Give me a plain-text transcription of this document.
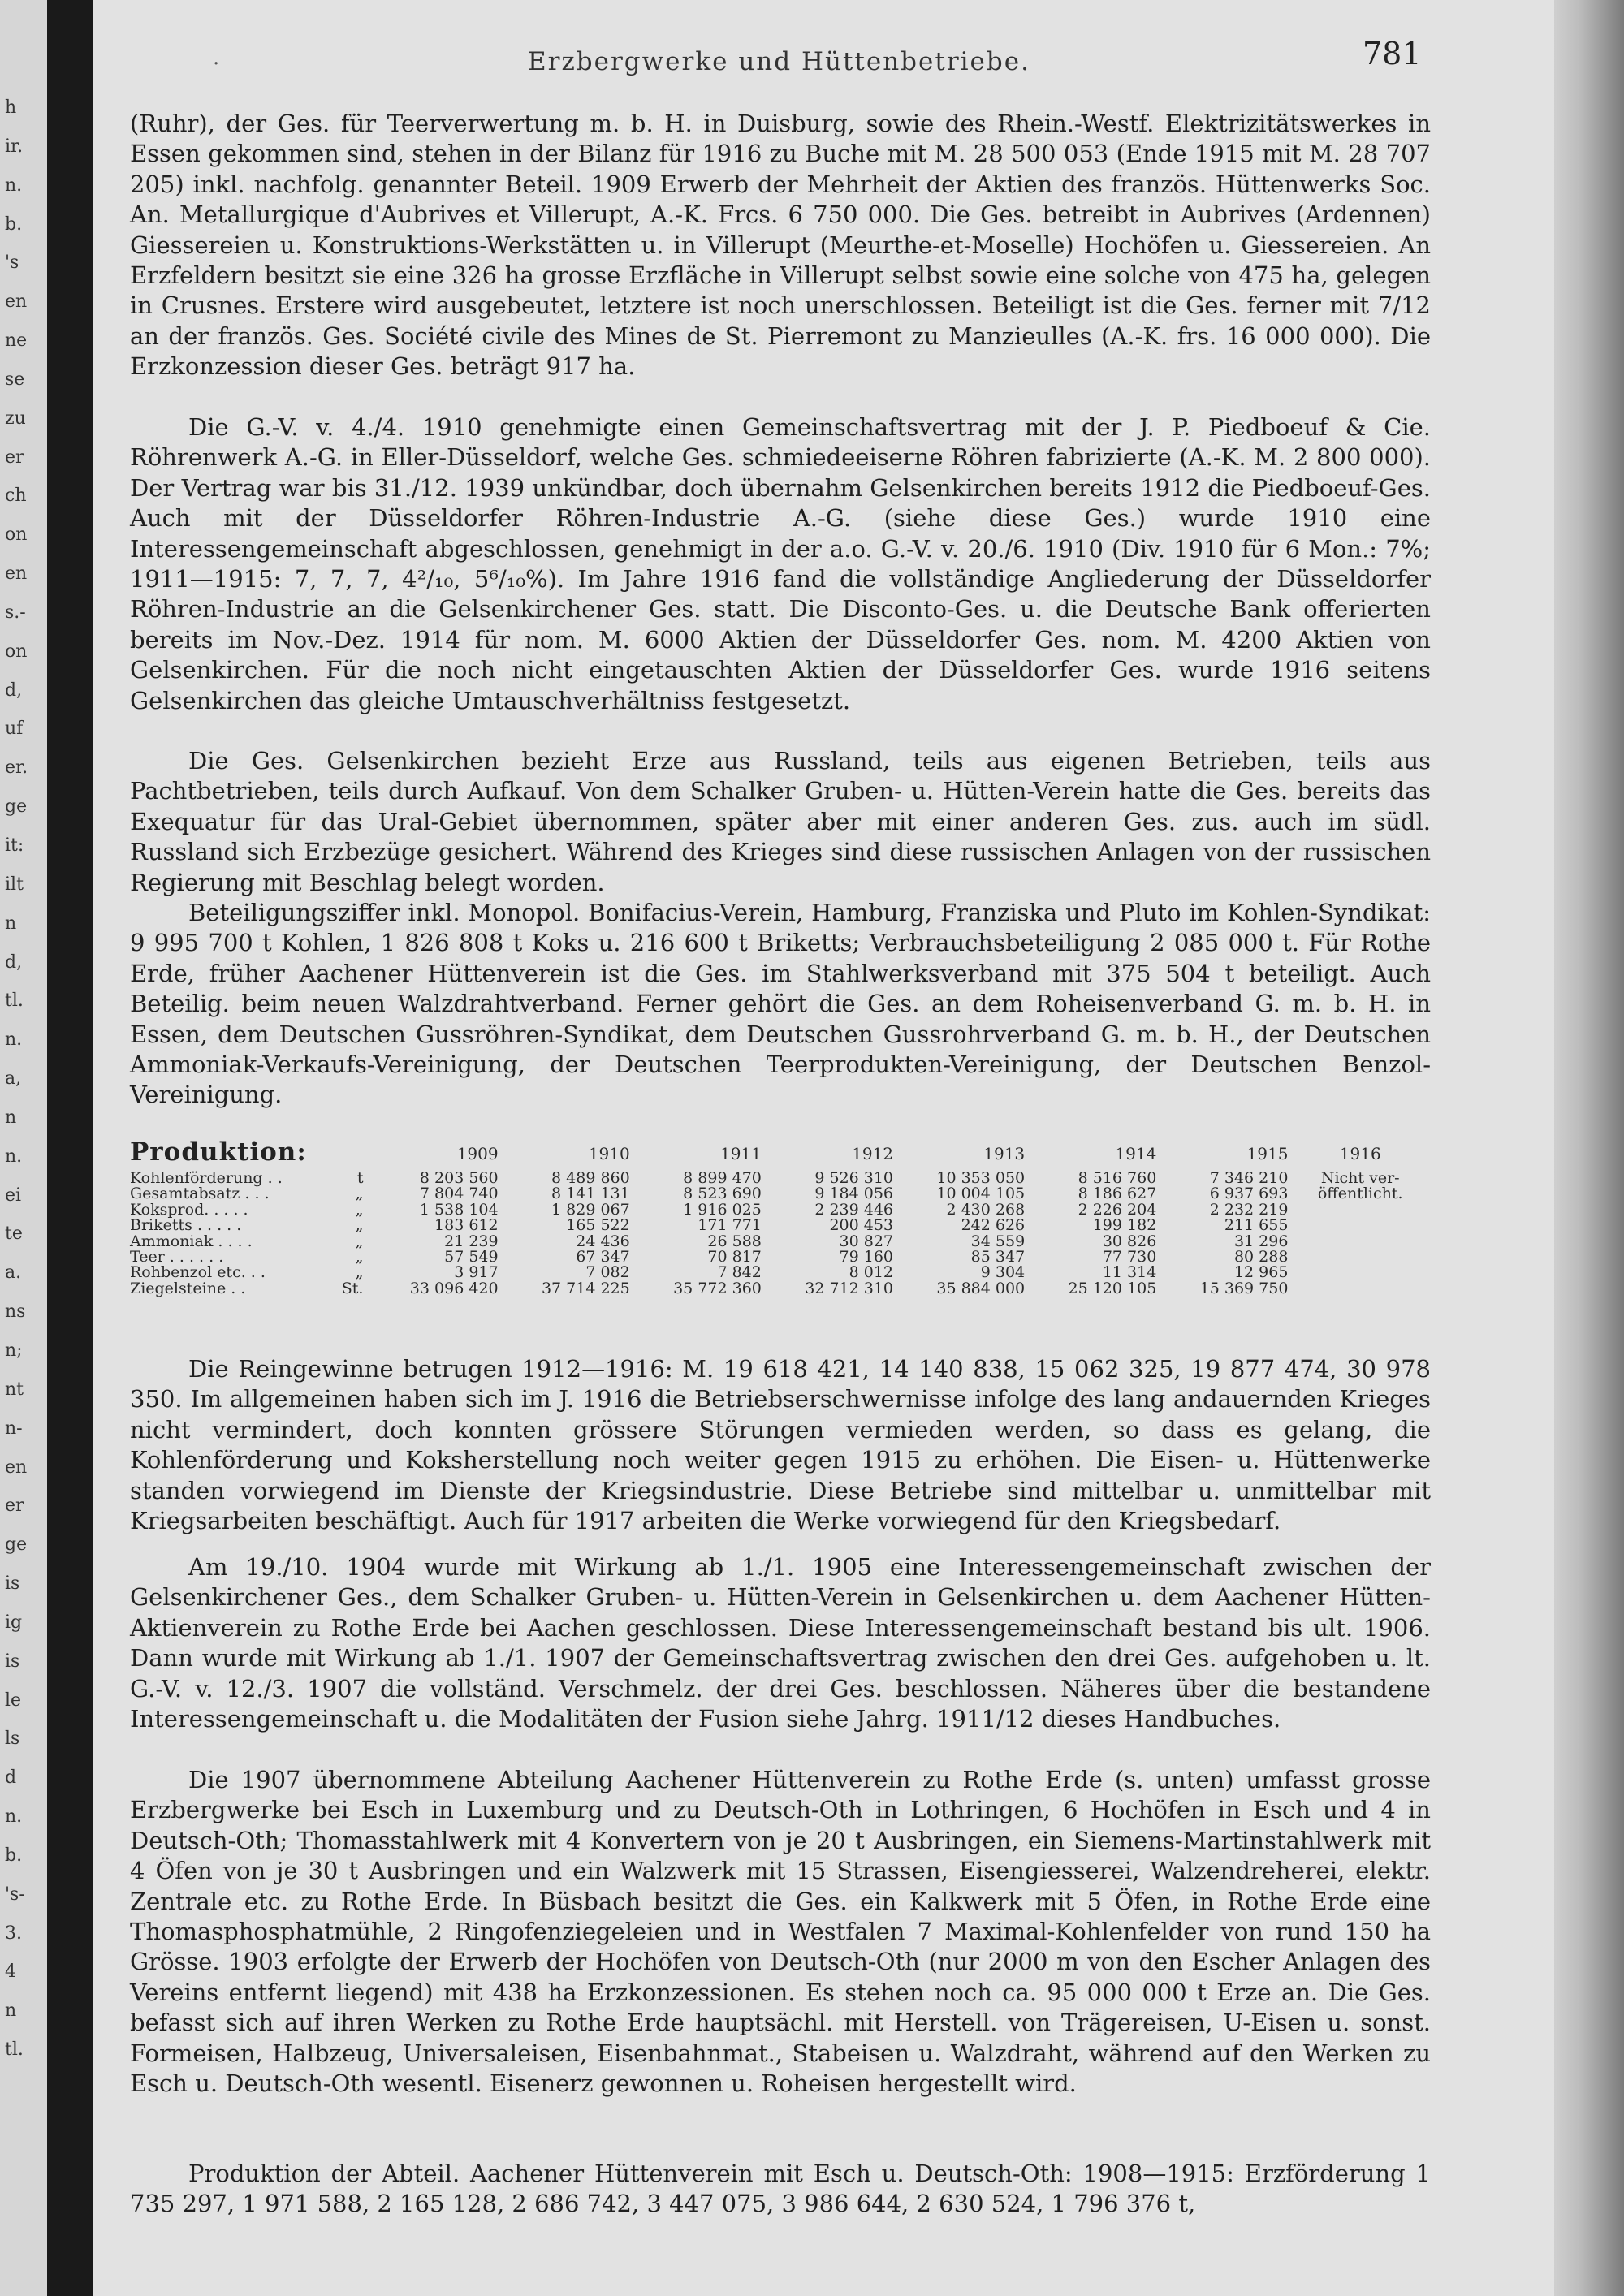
h
ir.
n.
b.
's
en
ne
se
zu
er
ch
on
en
s.-
on
d,
uf
er.
ge
it:
ilt
n
d,
tl.
n.
a,
n
n.
ei
te
a.
ns
n;
nt
n-
en
er
ge
is
ig
is
le
ls
d
n.
b.
's-
3.
4
n
tl.
·	Erzbergwerke und Hüttenbetriebe.	781

(Ruhr), der Ges. für Teerverwertung m. b. H. in Duisburg, sowie des Rhein.-Westf. Elektrizitätswerkes in Essen gekommen sind, stehen in der Bilanz für 1916 zu Buche mit M. 28 500 053 (Ende 1915 mit M. 28 707 205) inkl. nachfolg. genannter Beteil. 1909 Erwerb der Mehrheit der Aktien des französ. Hüttenwerks Soc. An. Metallurgique d'Aubrives et Villerupt, A.-K. Frcs. 6 750 000. Die Ges. betreibt in Aubrives (Ardennen) Giessereien u. Konstruktions-Werkstätten u. in Villerupt (Meurthe-et-Moselle) Hochöfen u. Giessereien. An Erzfeldern besitzt sie eine 326 ha grosse Erzfläche in Villerupt selbst sowie eine solche von 475 ha, gelegen in Crusnes. Erstere wird ausgebeutet, letztere ist noch unerschlossen. Beteiligt ist die Ges. ferner mit 7/12 an der französ. Ges. Société civile des Mines de St. Pierremont zu Manzieulles (A.-K. frs. 16 000 000). Die Erzkonzession dieser Ges. beträgt 917 ha.

Die G.-V. v. 4./4. 1910 genehmigte einen Gemeinschaftsvertrag mit der J. P. Piedboeuf & Cie. Röhrenwerk A.-G. in Eller-Düsseldorf, welche Ges. schmiedeeiserne Röhren fabrizierte (A.-K. M. 2 800 000). Der Vertrag war bis 31./12. 1939 unkündbar, doch übernahm Gelsenkirchen bereits 1912 die Piedboeuf-Ges. Auch mit der Düsseldorfer Röhren-Industrie A.-G. (siehe diese Ges.) wurde 1910 eine Interessengemeinschaft abgeschlossen, genehmigt in der a.o. G.-V. v. 20./6. 1910 (Div. 1910 für 6 Mon.: 7%; 1911—1915: 7, 7, 7, 4²/₁₀, 5⁶/₁₀%). Im Jahre 1916 fand die vollständige Angliederung der Düsseldorfer Röhren-Industrie an die Gelsenkirchener Ges. statt. Die Disconto-Ges. u. die Deutsche Bank offerierten bereits im Nov.-Dez. 1914 für nom. M. 6000 Aktien der Düsseldorfer Ges. nom. M. 4200 Aktien von Gelsenkirchen. Für die noch nicht eingetauschten Aktien der Düsseldorfer Ges. wurde 1916 seitens Gelsenkirchen das gleiche Umtauschverhältniss festgesetzt.

Die Ges. Gelsenkirchen bezieht Erze aus Russland, teils aus eigenen Betrieben, teils aus Pachtbetrieben, teils durch Aufkauf. Von dem Schalker Gruben- u. Hütten-Verein hatte die Ges. bereits das Exequatur für das Ural-Gebiet übernommen, später aber mit einer anderen Ges. zus. auch im südl. Russland sich Erzbezüge gesichert. Während des Krieges sind diese russischen Anlagen von der russischen Regierung mit Beschlag belegt worden.

Beteiligungsziffer inkl. Monopol. Bonifacius-Verein, Hamburg, Franziska und Pluto im Kohlen-Syndikat: 9 995 700 t Kohlen, 1 826 808 t Koks u. 216 600 t Briketts; Verbrauchsbeteiligung 2 085 000 t. Für Rothe Erde, früher Aachener Hüttenverein ist die Ges. im Stahlwerksverband mit 375 504 t beteiligt. Auch Beteilig. beim neuen Walzdrahtverband. Ferner gehört die Ges. an dem Roheisenverband G. m. b. H. in Essen, dem Deutschen Gussröhren-Syndikat, dem Deutschen Gussrohrverband G. m. b. H., der Deutschen Ammoniak-Verkaufs-Vereinigung, der Deutschen Teerprodukten-Vereinigung, der Deutschen Benzol-Vereinigung.

Produktion:		1909	1910	1911	1912	1913	1914	1915	1916
Kohlenförderung . .	t	8 203 560	8 489 860	8 899 470	9 526 310	10 353 050	8 516 760	7 346 210	Nicht ver-
Gesamtabsatz . . .	„	7 804 740	8 141 131	8 523 690	9 184 056	10 004 105	8 186 627	6 937 693	öffentlicht.
Koksprod. . . . .	„	1 538 104	1 829 067	1 916 025	2 239 446	2 430 268	2 226 204	2 232 219	
Briketts . . . . .	„	183 612	165 522	171 771	200 453	242 626	199 182	211 655	
Ammoniak . . . .	„	21 239	24 436	26 588	30 827	34 559	30 826	31 296	
Teer . . . . . .	„	57 549	67 347	70 817	79 160	85 347	77 730	80 288	
Rohbenzol etc. . .	„	3 917	7 082	7 842	8 012	9 304	11 314	12 965	
Ziegelsteine . .	St.	33 096 420	37 714 225	35 772 360	32 712 310	35 884 000	25 120 105	15 369 750	

Die Reingewinne betrugen 1912—1916: M. 19 618 421, 14 140 838, 15 062 325, 19 877 474, 30 978 350. Im allgemeinen haben sich im J. 1916 die Betriebserschwernisse infolge des lang andauernden Krieges nicht vermindert, doch konnten grössere Störungen vermieden werden, so dass es gelang, die Kohlenförderung und Koksherstellung noch weiter gegen 1915 zu erhöhen. Die Eisen- u. Hüttenwerke standen vorwiegend im Dienste der Kriegsindustrie. Diese Betriebe sind mittelbar u. unmittelbar mit Kriegsarbeiten beschäftigt. Auch für 1917 arbeiten die Werke vorwiegend für den Kriegsbedarf.

Am 19./10. 1904 wurde mit Wirkung ab 1./1. 1905 eine Interessengemeinschaft zwischen der Gelsenkirchener Ges., dem Schalker Gruben- u. Hütten-Verein in Gelsenkirchen u. dem Aachener Hütten-Aktienverein zu Rothe Erde bei Aachen geschlossen. Diese Interessengemeinschaft bestand bis ult. 1906. Dann wurde mit Wirkung ab 1./1. 1907 der Gemeinschaftsvertrag zwischen den drei Ges. aufgehoben u. lt. G.-V. v. 12./3. 1907 die vollständ. Verschmelz. der drei Ges. beschlossen. Näheres über die bestandene Interessengemeinschaft u. die Modalitäten der Fusion siehe Jahrg. 1911/12 dieses Handbuches.

Die 1907 übernommene Abteilung Aachener Hüttenverein zu Rothe Erde (s. unten) umfasst grosse Erzbergwerke bei Esch in Luxemburg und zu Deutsch-Oth in Lothringen, 6 Hochöfen in Esch und 4 in Deutsch-Oth; Thomasstahlwerk mit 4 Konvertern von je 20 t Ausbringen, ein Siemens-Martinstahlwerk mit 4 Öfen von je 30 t Ausbringen und ein Walzwerk mit 15 Strassen, Eisengiesserei, Walzendreherei, elektr. Zentrale etc. zu Rothe Erde. In Büsbach besitzt die Ges. ein Kalkwerk mit 5 Öfen, in Rothe Erde eine Thomasphosphatmühle, 2 Ringofenziegeleien und in Westfalen 7 Maximal-Kohlenfelder von rund 150 ha Grösse. 1903 erfolgte der Erwerb der Hochöfen von Deutsch-Oth (nur 2000 m von den Escher Anlagen des Vereins entfernt liegend) mit 438 ha Erzkonzessionen. Es stehen noch ca. 95 000 000 t Erze an. Die Ges. befasst sich auf ihren Werken zu Rothe Erde hauptsächl. mit Herstell. von Trägereisen, U-Eisen u. sonst. Formeisen, Halbzeug, Universaleisen, Eisenbahnmat., Stabeisen u. Walzdraht, während auf den Werken zu Esch u. Deutsch-Oth wesentl. Eisenerz gewonnen u. Roheisen hergestellt wird.

Produktion der Abteil. Aachener Hüttenverein mit Esch u. Deutsch-Oth: 1908—1915: Erzförderung 1 735 297, 1 971 588, 2 165 128, 2 686 742, 3 447 075, 3 986 644, 2 630 524, 1 796 376 t,
